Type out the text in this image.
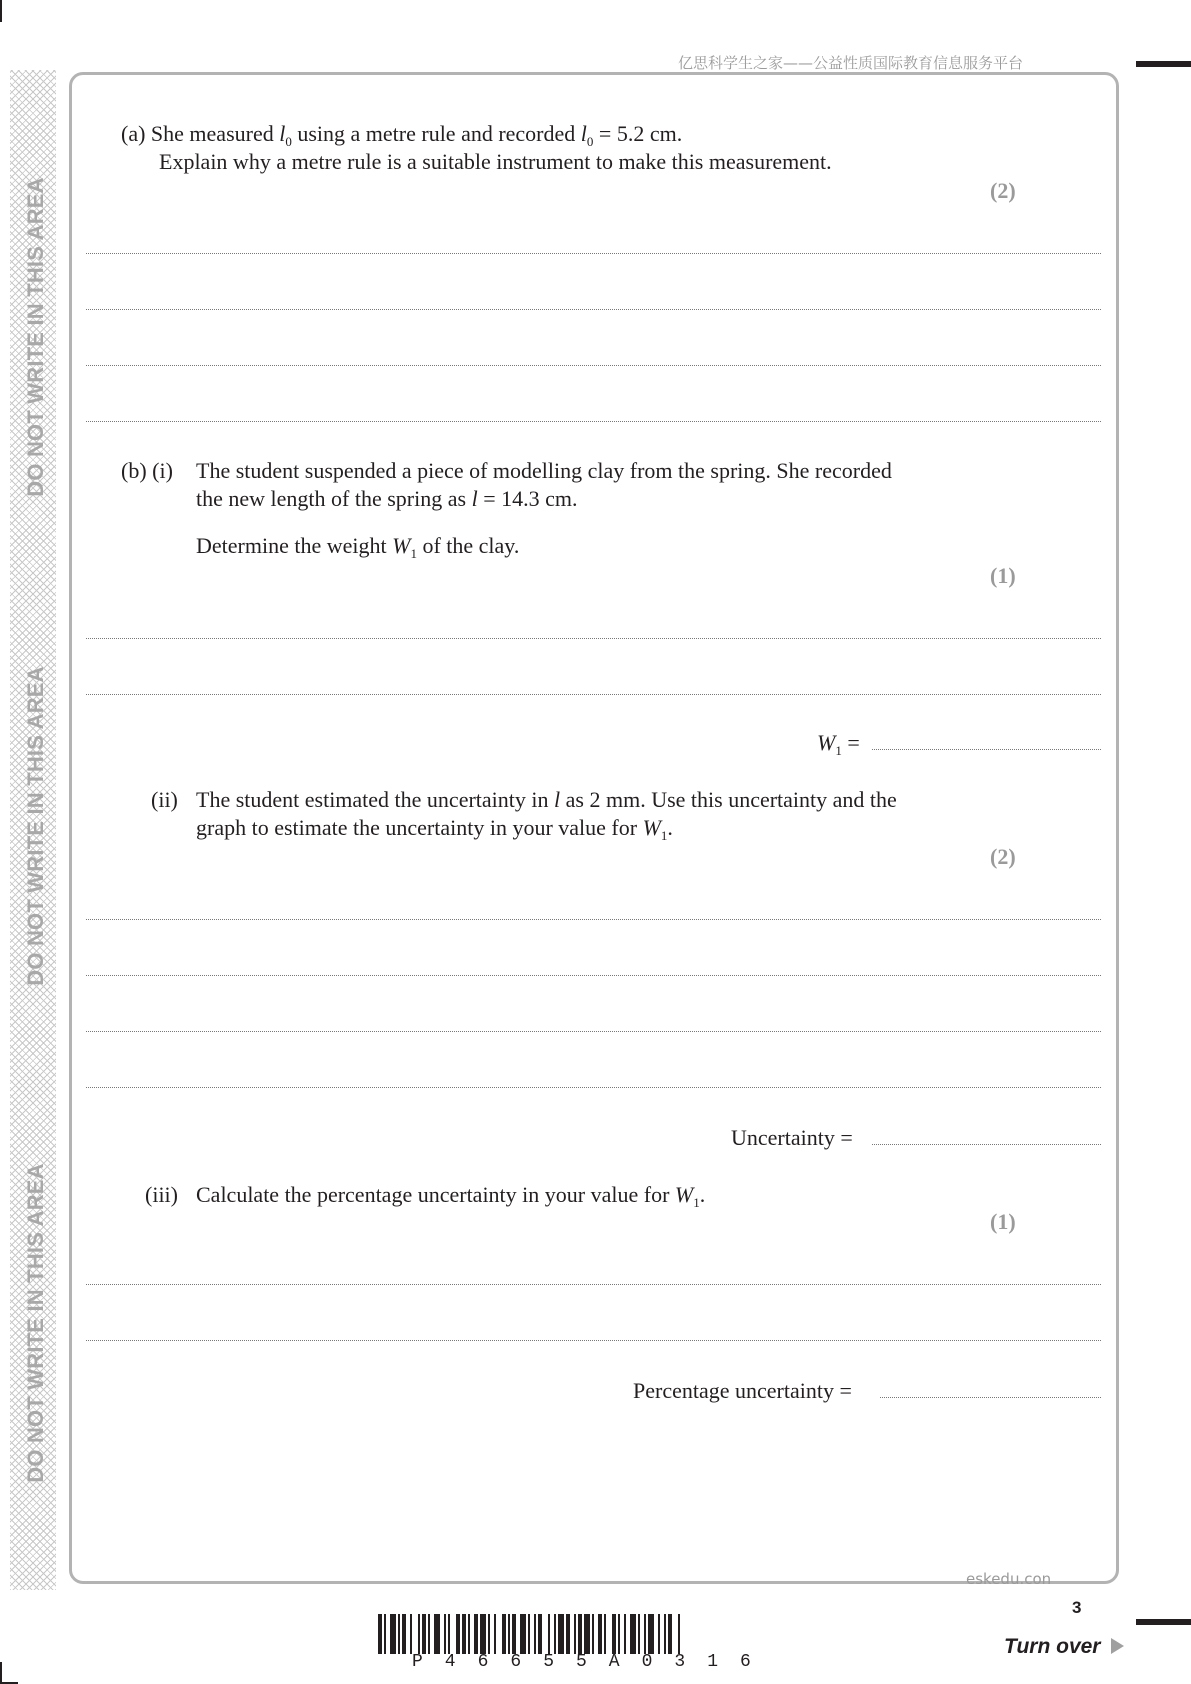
DO NOT WRITE IN THIS AREA
DO NOT WRITE IN THIS AREA
DO NOT WRITE IN THIS AREA
亿思科学生之家——公益性质国际教育信息服务平台
(a) She measured $l_0$ using a metre rule and recorded $l_0 = 5.2$ cm.
Explain why a metre rule is a suitable instrument to make this measurement.
(2)
(b) (i) The student suspended a piece of modelling clay from the spring. She recorded
the new length of the spring as l = 14.3 cm.
Determine the weight $W_1$ of the clay.
(1)
$W_1$ =
(ii) The student estimated the uncertainty in l as 2 mm. Use this uncertainty and the
graph to estimate the uncertainty in your value for $W_1$.
(2)
Uncertainty =
(iii) Calculate the percentage uncertainty in your value for $W_1$.
(1)
Percentage uncertainty =
eskedu.con
3
P46655A0316
Turn over
